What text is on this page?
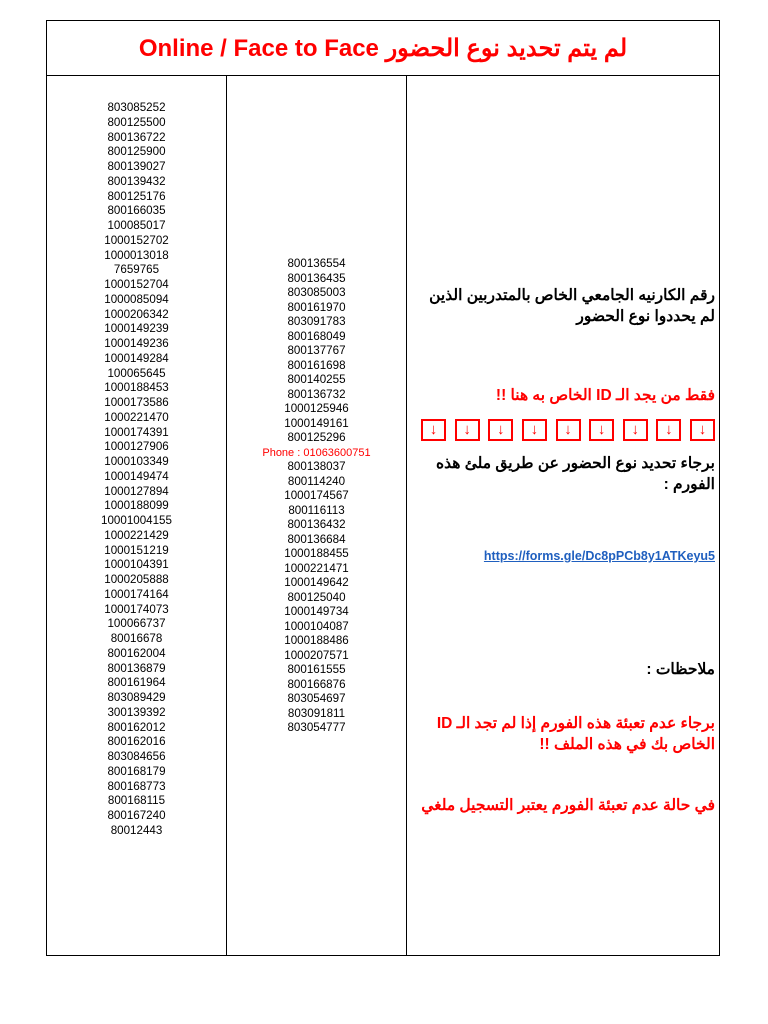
لم يتم تحديد نوع الحضور Online / Face to Face
803085252
800125500
800136722
800125900
800139027
800139432
800125176
800166035
100085017
1000152702
1000013018
7659765
1000152704
1000085094
1000206342
1000149239
1000149236
1000149284
100065645
1000188453
1000173586
1000221470
1000174391
1000127906
1000103349
1000149474
1000127894
1000188099
10001004155
1000221429
1000151219
1000104391
1000205888
1000174164
1000174073
100066737
80016678
800162004
800136879
800161964
803089429
300139392
800162012
800162016
803084656
800168179
800168773
800168115
800167240
80012443
800136554
800136435
803085003
800161970
803091783
800168049
800137767
800161698
800140255
800136732
1000125946
1000149161
800125296
Phone : 01063600751
800138037
800114240
1000174567
800116113
800136432
800136684
1000188455
1000221471
1000149642
800125040
1000149734
1000104087
1000188486
1000207571
800161555
800166876
803054697
803091811
803054777
رقم الكارنيه الجامعي الخاص بالمتدربين الذين لم يحددوا نوع الحضور
فقط من يجد الـ ID الخاص به هنا !!
↓	↓	↓	↓	↓	↓	↓	↓	↓
برجاء تحديد نوع الحضور عن طريق ملئ هذه الفورم :
https://forms.gle/Dc8pPCb8y1ATKeyu5
ملاحظات :
برجاء عدم تعبئة هذه الفورم إذا لم تجد الـ ID الخاص بك في هذه الملف !!
في حالة عدم تعبئة الفورم يعتبر التسجيل ملغي
